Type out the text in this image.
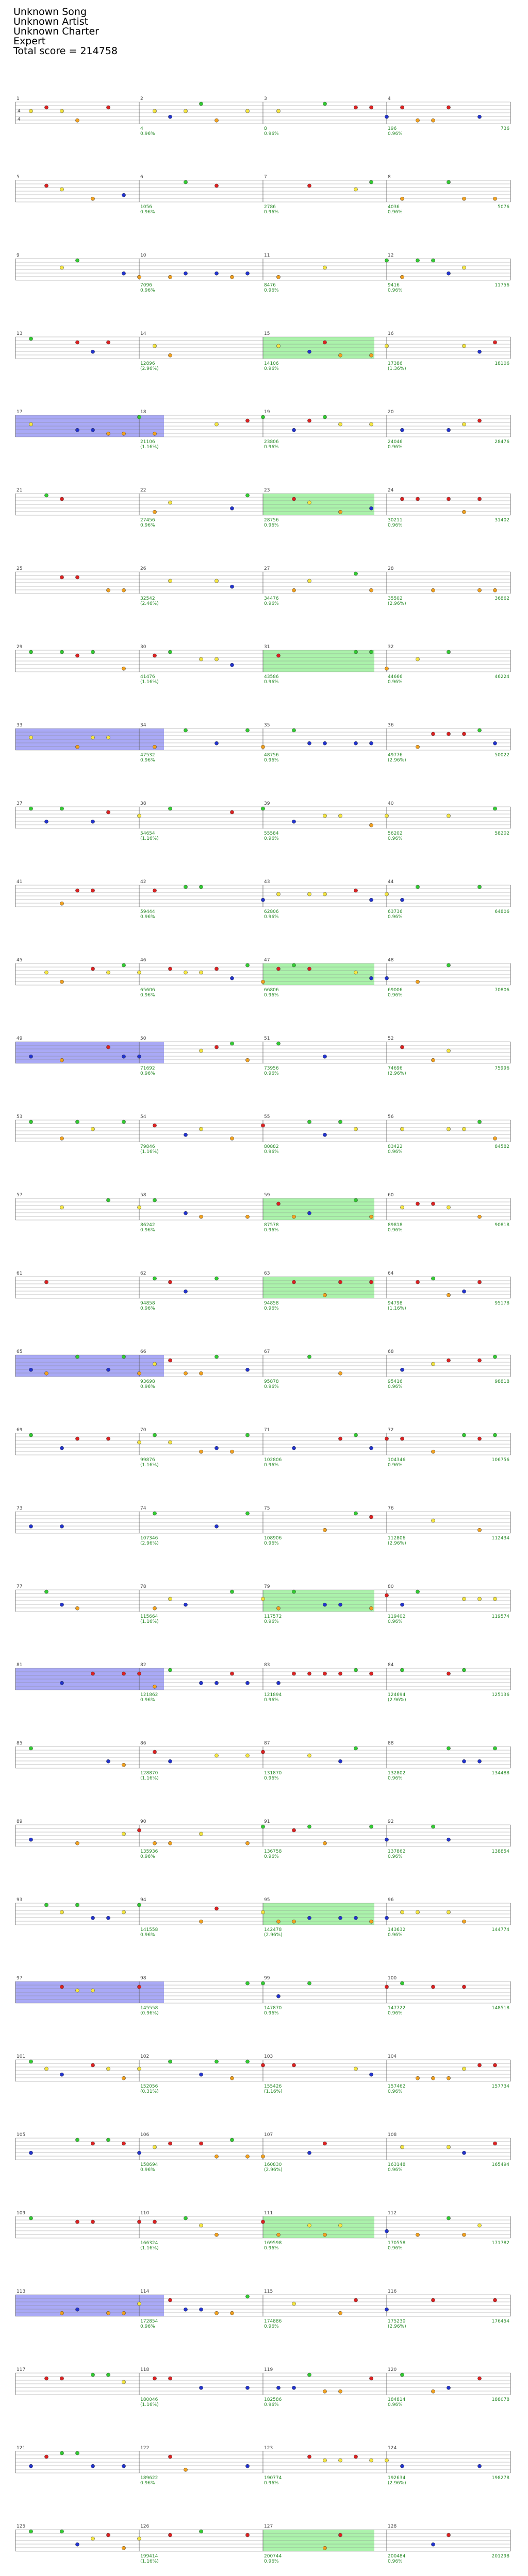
Unknown Song
Unknown Artist
Unknown Charter
Expert
Total score = 214758
1	2
4
0.96%
3
8
0.96%
4
196
0.96%
736
4
4
5	6
1056
0.96%
7
2786
0.96%
8
4036
0.96%
5076
9	10
7096
0.96%
11
8476
0.96%
12
9416
0.96%
11756
13	14
12896
(2.96%)
15
14106
0.96%
16
17386
(1.36%)
18106
17	18
21106
(1.16%)
19
23806
0.96%
20
24046
0.96%
28476
21	22
27456
0.96%
23
28756
0.96%
24
30211
0.96%
31402
25	26
32542
(2.46%)
27
34476
0.96%
28
35502
(2.96%)
36862
29	30
41476
(1.16%)
31
43586
0.96%
32
44666
0.96%
46224
33	34
47532
0.96%
35
48756
0.96%
36
49776
(2.96%)
50022
37	38
54654
(1.16%)
39
55584
0.96%
40
56202
0.96%
58202
41	42
59444
0.96%
43
62806
0.96%
44
63736
0.96%
64806
45	46
65606
0.96%
47
66806
0.96%
48
69006
0.96%
70806
49	50
71692
0.96%
51
73956
0.96%
52
74696
(2.96%)
75996
53	54
79846
(1.16%)
55
80882
0.96%
56
83422
0.96%
84582
57	58
86242
0.96%
59
87578
0.96%
60
89818
0.96%
90818
61	62
94858
0.96%
63
94858
0.96%
64
94798
(1.16%)
95178
65	66
93698
0.96%
67
95878
0.96%
68
95416
0.96%
98818
69	70
99876
(1.16%)
71
102806
0.96%
72
104346
0.96%
106756
73	74
107346
(2.96%)
75
108906
0.96%
76
112806
(2.96%)
112434
77	78
115664
(1.16%)
79
117572
0.96%
80
119402
0.96%
119574
81	82
121862
0.96%
83
121894
0.96%
84
124694
(2.96%)
125136
85	86
128870
(1.16%)
87
131870
0.96%
88
132802
0.96%
134488
89	90
135936
0.96%
91
136758
0.96%
92
137862
0.96%
138854
93	94
141558
0.96%
95
142478
(2.96%)
96
143632
0.96%
144774
97	98
145558
(0.96%)
99
147870
0.96%
100
147722
0.96%
148518
101	102
152056
(0.31%)
103
155426
(1.16%)
104
157462
0.96%
157734
105	106
158694
0.96%
107
160830
(2.96%)
108
163148
0.96%
165494
109	110
166324
(1.16%)
111
169598
0.96%
112
170558
0.96%
171782
113	114
172854
0.96%
115
174886
0.96%
116
175230
(2.96%)
176454
117	118
180046
(1.16%)
119
182586
0.96%
120
184814
0.96%
188078
121	122
189622
0.96%
123
190774
0.96%
124
192634
(2.96%)
198278
125	126
199414
(1.16%)
127
200744
0.96%
128
200484
0.96%
201298
